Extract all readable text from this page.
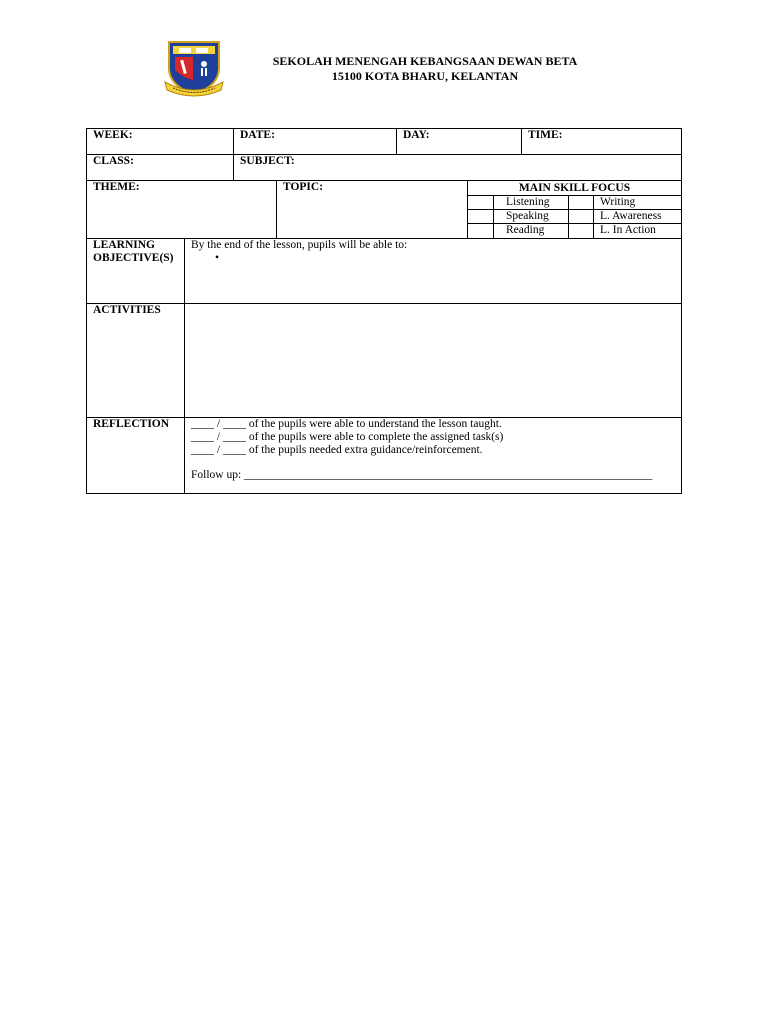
SEKOLAH MENENGAH KEBANGSAAN DEWAN BETA
15100 KOTA BHARU, KELANTAN
WEEK:	DATE:	DAY:	TIME:
CLASS:	SUBJECT:
THEME:	TOPIC:	MAIN SKILL FOCUS
Listening	Writing
Speaking	L. Awareness
Reading	L. In Action
LEARNING
OBJECTIVE(S)
By the end of the lesson, pupils will be able to:
•
ACTIVITIES
REFLECTION	____ / ____ of the pupils were able to understand the lesson taught.
____ / ____ of the pupils were able to complete the assigned task(s)
____ / ____ of the pupils needed extra guidance/reinforcement.
Follow up: _______________________________________________________________________
